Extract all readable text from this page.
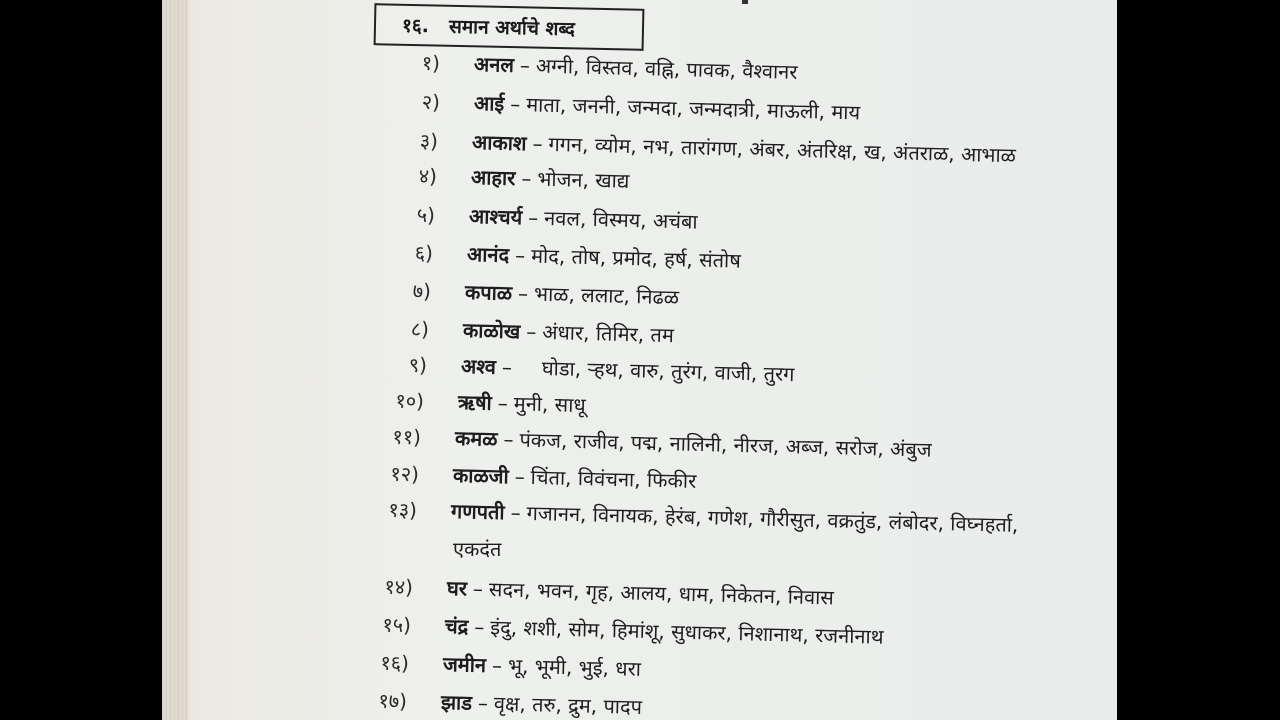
१६. समान अर्थाचे शब्द
१) अनल – अग्नी, विस्तव, वह्नि, पावक, वैश्वानर
२) आई – माता, जननी, जन्मदा, जन्मदात्री, माऊली, माय
३) आकाश – गगन, व्योम, नभ, तारांगण, अंबर, अंतरिक्ष, ख, अंतराळ, आभाळ
४) आहार – भोजन, खाद्य
५) आश्चर्य – नवल, विस्मय, अचंबा
६) आनंद – मोद, तोष, प्रमोद, हर्ष, संतोष
७) कपाळ – भाळ, ललाट, निढळ
८) काळोख – अंधार, तिमिर, तम
९) अश्व – घोडा, ऱ्हथ, वारु, तुरंग, वाजी, तुरग
१०) ऋषी – मुनी, साधू
११) कमळ – पंकज, राजीव, पद्म, नालिनी, नीरज, अब्ज, सरोज, अंबुज
१२) काळजी – चिंता, विवंचना, फिकीर
१३) गणपती – गजानन, विनायक, हेरंब, गणेश, गौरीसुत, वक्रतुंड, लंबोदर, विघ्नहर्ता,
एकदंत
१४) घर – सदन, भवन, गृह, आलय, धाम, निकेतन, निवास
१५) चंद्र – इंदु, शशी, सोम, हिमांशू, सुधाकर, निशानाथ, रजनीनाथ
१६) जमीन – भू, भूमी, भुई, धरा
१७) झाड – वृक्ष, तरु, द्रुम, पादप
